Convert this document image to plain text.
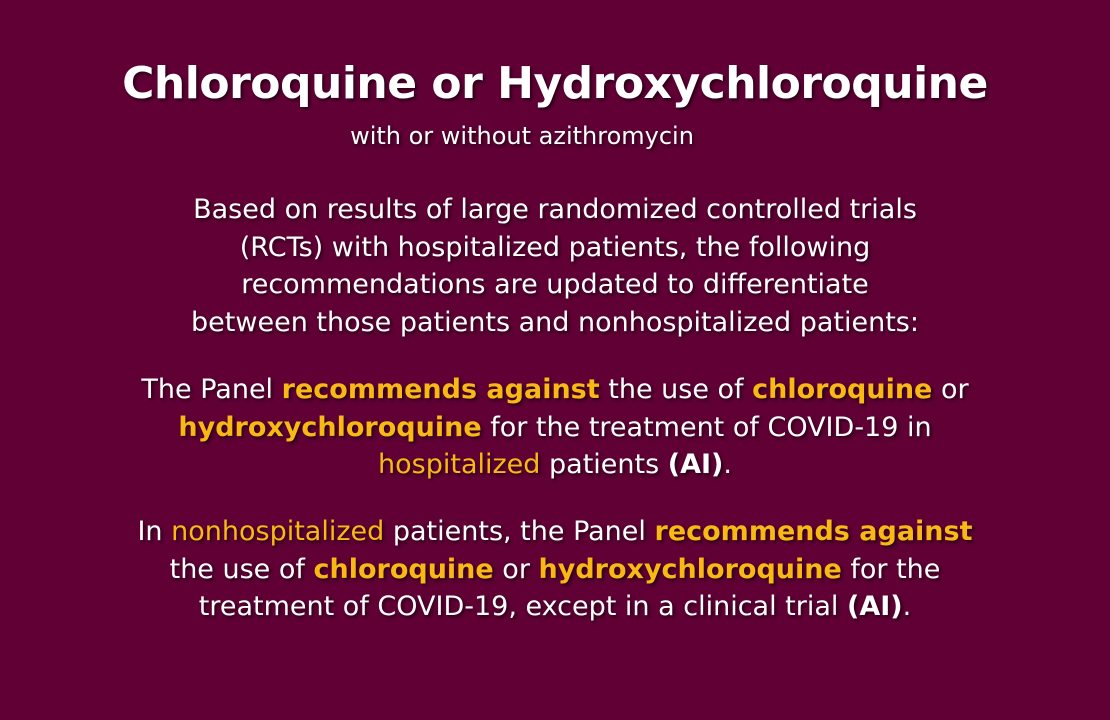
Chloroquine or Hydroxychloroquine
with or without azithromycin
Based on results of large randomized controlled trials
(RCTs) with hospitalized patients, the following
recommendations are updated to differentiate
between those patients and nonhospitalized patients:
The Panel recommends against the use of chloroquine or
hydroxychloroquine for the treatment of COVID-19 in
hospitalized patients (AI).
In nonhospitalized patients, the Panel recommends against
the use of chloroquine or hydroxychloroquine for the
treatment of COVID-19, except in a clinical trial (AI).
